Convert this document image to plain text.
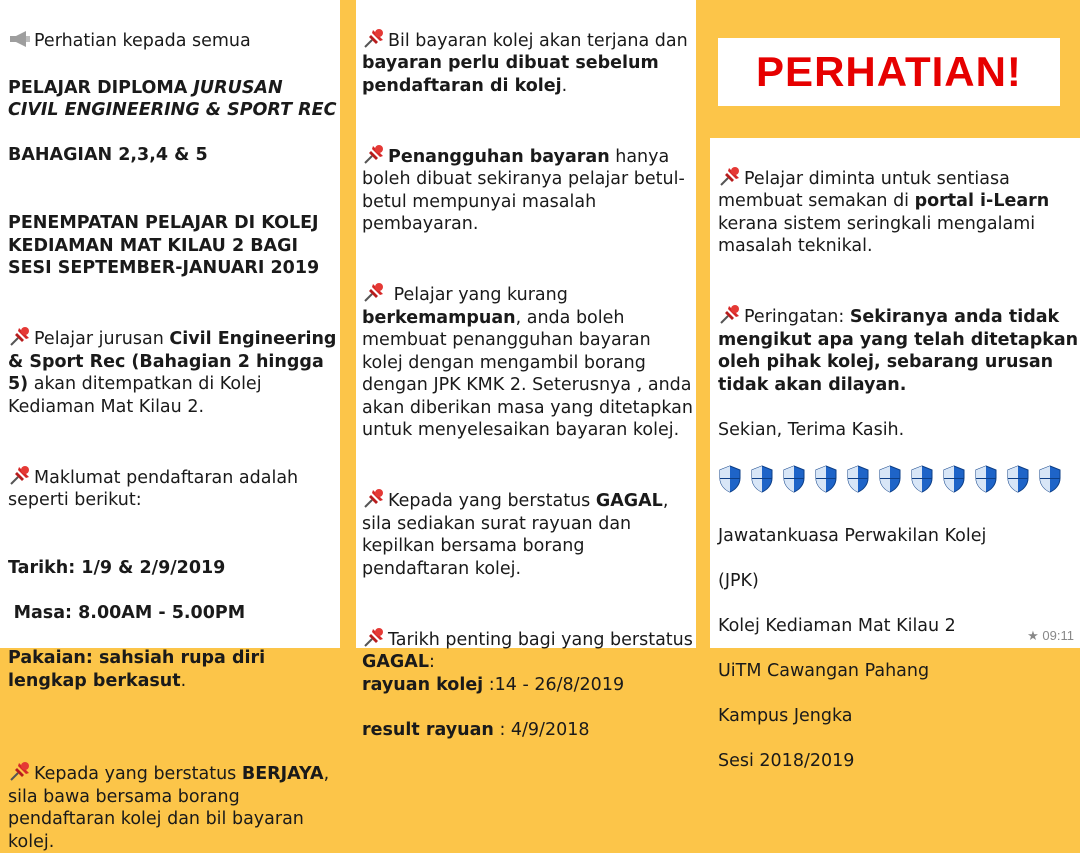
Perhatian kepada semua

PELAJAR DIPLOMA JURUSAN

CIVIL ENGINEERING & SPORT REC

BAHAGIAN 2,3,4 & 5

PENEMPATAN PELAJAR DI KOLEJ KEDIAMAN MAT KILAU 2 BAGI SESI SEPTEMBER-JANUARI 2019

Pelajar jurusan Civil Engineering & Sport Rec (Bahagian 2 hingga 5) akan ditempatkan di Kolej Kediaman Mat Kilau 2.

Maklumat pendaftaran adalah seperti berikut:

Tarikh: 1/9 & 2/9/2019

Masa: 8.00AM - 5.00PM

Pakaian: sahsiah rupa diri lengkap berkasut.

Kepada yang berstatus BERJAYA, sila bawa bersama borang pendaftaran kolej dan bil bayaran kolej.

Bil bayaran kolej akan terjana dan bayaran perlu dibuat sebelum pendaftaran di kolej.

Penangguhan bayaran hanya boleh dibuat sekiranya pelajar betul-betul mempunyai masalah pembayaran.

Pelajar yang kurang berkemampuan, anda boleh membuat penangguhan bayaran kolej dengan mengambil borang dengan JPK KMK 2. Seterusnya , anda akan diberikan masa yang ditetapkan untuk menyelesaikan bayaran kolej.

Kepada yang berstatus GAGAL, sila sediakan surat rayuan dan kepilkan bersama borang pendaftaran kolej.

Tarikh penting bagi yang berstatus GAGAL:

rayuan kolej :14 - 26/8/2019

result rayuan : 4/9/2018

PERHATIAN!

Pelajar diminta untuk sentiasa membuat semakan di portal i-Learn kerana sistem seringkali mengalami masalah teknikal.

Peringatan: Sekiranya anda tidak mengikut apa yang telah ditetapkan oleh pihak kolej, sebarang urusan tidak akan dilayan.

Sekian, Terima Kasih.

Jawatankuasa Perwakilan Kolej

(JPK)

Kolej Kediaman Mat Kilau 2

UiTM Cawangan Pahang

Kampus Jengka

Sesi 2018/2019

★ 09:11
